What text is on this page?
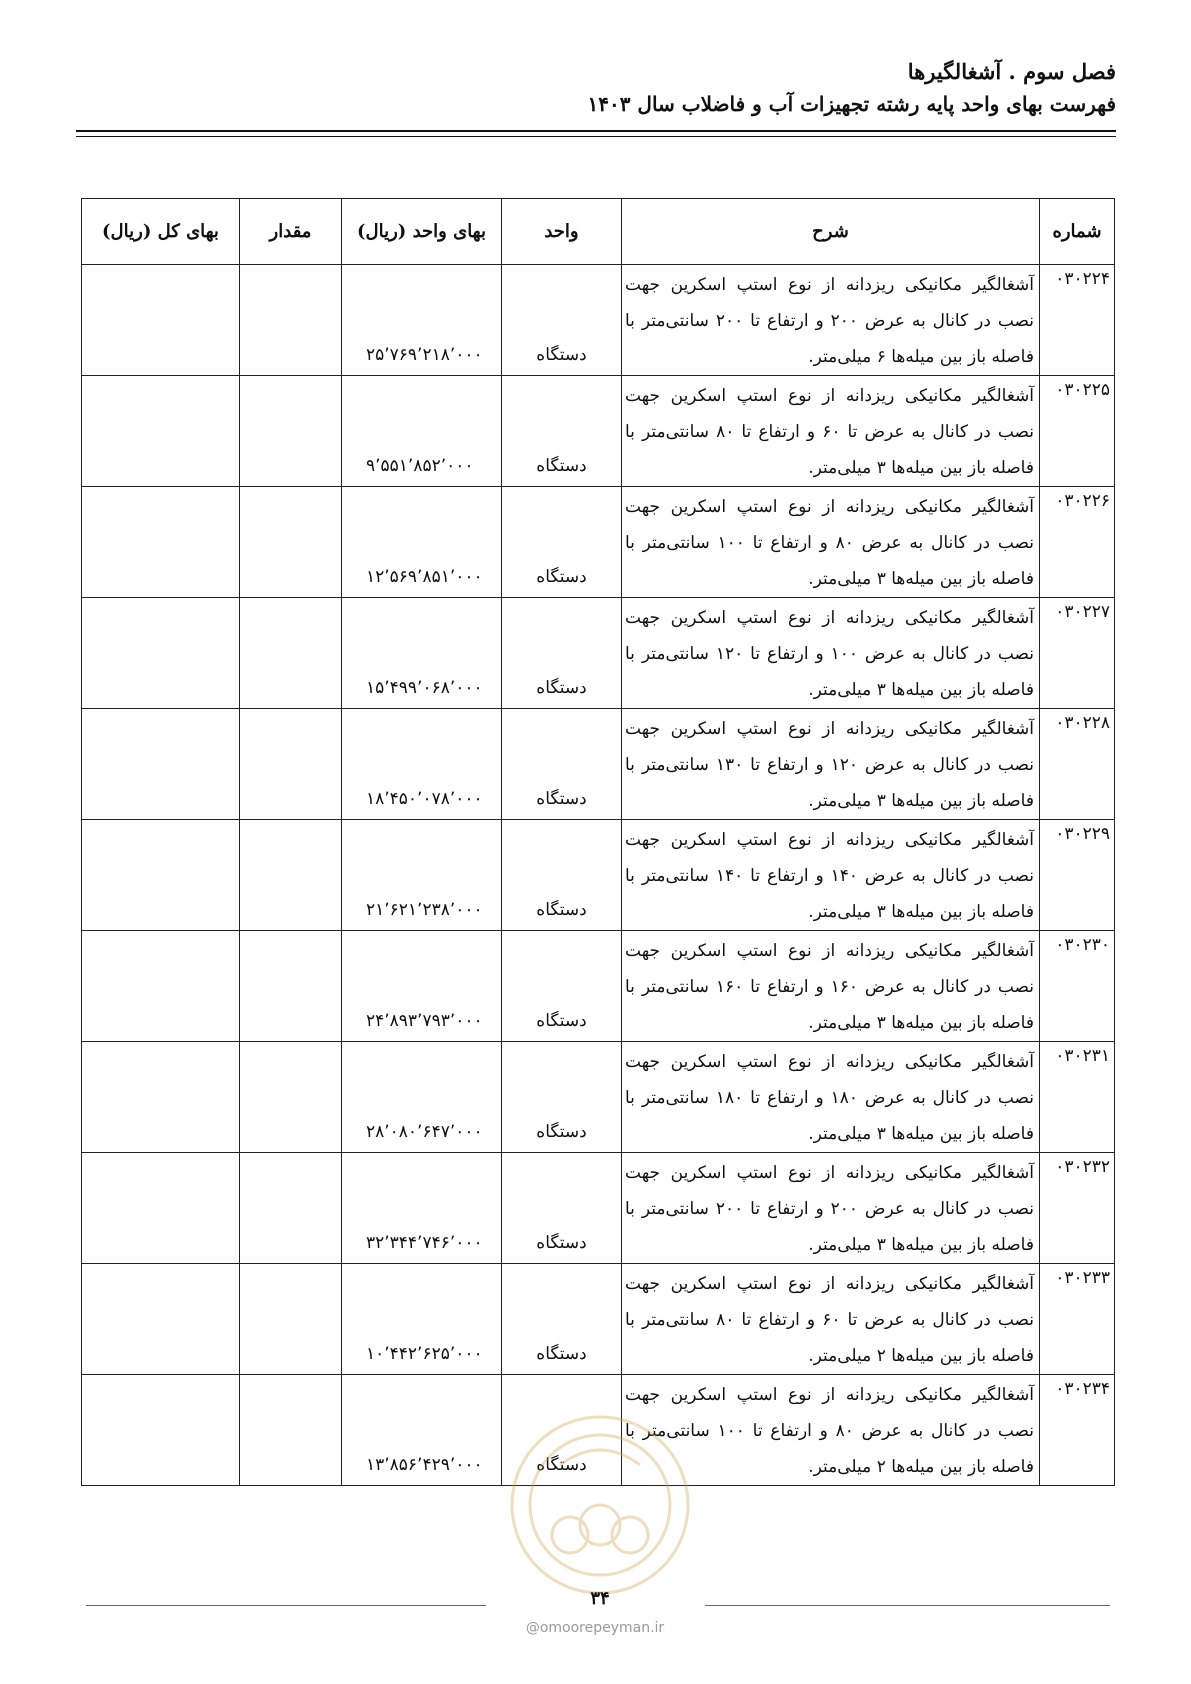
فصل سوم . آشغالگیرها
فهرست بهای واحد پایه رشته تجهیزات آب و فاضلاب سال ۱۴۰۳
شماره	شرح	واحد	بهای واحد (ریال)	مقدار	بهای کل (ریال)
۰۳۰۲۲۴	آشغالگیر مکانیکی ریزدانه از نوع استپ اسکرین جهت نصب در کانال به عرض ۲۰۰ و ارتفاع تا ۲۰۰ سانتی‌متر با فاصله باز بین میله‌ها ۶ میلی‌متر.	دستگاه	۲۵٬۷۶۹٬۲۱۸٬۰۰۰		
۰۳۰۲۲۵	آشغالگیر مکانیکی ریزدانه از نوع استپ اسکرین جهت نصب در کانال به عرض تا ۶۰ و ارتفاع تا ۸۰ سانتی‌متر با فاصله باز بین میله‌ها ۳ میلی‌متر.	دستگاه	۹٬۵۵۱٬۸۵۲٬۰۰۰		
۰۳۰۲۲۶	آشغالگیر مکانیکی ریزدانه از نوع استپ اسکرین جهت نصب در کانال به عرض ۸۰ و ارتفاع تا ۱۰۰ سانتی‌متر با فاصله باز بین میله‌ها ۳ میلی‌متر.	دستگاه	۱۲٬۵۶۹٬۸۵۱٬۰۰۰		
۰۳۰۲۲۷	آشغالگیر مکانیکی ریزدانه از نوع استپ اسکرین جهت نصب در کانال به عرض ۱۰۰ و ارتفاع تا ۱۲۰ سانتی‌متر با فاصله باز بین میله‌ها ۳ میلی‌متر.	دستگاه	۱۵٬۴۹۹٬۰۶۸٬۰۰۰		
۰۳۰۲۲۸	آشغالگیر مکانیکی ریزدانه از نوع استپ اسکرین جهت نصب در کانال به عرض ۱۲۰ و ارتفاع تا ۱۳۰ سانتی‌متر با فاصله باز بین میله‌ها ۳ میلی‌متر.	دستگاه	۱۸٬۴۵۰٬۰۷۸٬۰۰۰		
۰۳۰۲۲۹	آشغالگیر مکانیکی ریزدانه از نوع استپ اسکرین جهت نصب در کانال به عرض ۱۴۰ و ارتفاع تا ۱۴۰ سانتی‌متر با فاصله باز بین میله‌ها ۳ میلی‌متر.	دستگاه	۲۱٬۶۲۱٬۲۳۸٬۰۰۰		
۰۳۰۲۳۰	آشغالگیر مکانیکی ریزدانه از نوع استپ اسکرین جهت نصب در کانال به عرض ۱۶۰ و ارتفاع تا ۱۶۰ سانتی‌متر با فاصله باز بین میله‌ها ۳ میلی‌متر.	دستگاه	۲۴٬۸۹۳٬۷۹۳٬۰۰۰		
۰۳۰۲۳۱	آشغالگیر مکانیکی ریزدانه از نوع استپ اسکرین جهت نصب در کانال به عرض ۱۸۰ و ارتفاع تا ۱۸۰ سانتی‌متر با فاصله باز بین میله‌ها ۳ میلی‌متر.	دستگاه	۲۸٬۰۸۰٬۶۴۷٬۰۰۰		
۰۳۰۲۳۲	آشغالگیر مکانیکی ریزدانه از نوع استپ اسکرین جهت نصب در کانال به عرض ۲۰۰ و ارتفاع تا ۲۰۰ سانتی‌متر با فاصله باز بین میله‌ها ۳ میلی‌متر.	دستگاه	۳۲٬۳۴۴٬۷۴۶٬۰۰۰		
۰۳۰۲۳۳	آشغالگیر مکانیکی ریزدانه از نوع استپ اسکرین جهت نصب در کانال به عرض تا ۶۰ و ارتفاع تا ۸۰ سانتی‌متر با فاصله باز بین میله‌ها ۲ میلی‌متر.	دستگاه	۱۰٬۴۴۲٬۶۲۵٬۰۰۰		
۰۳۰۲۳۴	آشغالگیر مکانیکی ریزدانه از نوع استپ اسکرین جهت نصب در کانال به عرض ۸۰ و ارتفاع تا ۱۰۰ سانتی‌متر با فاصله باز بین میله‌ها ۲ میلی‌متر.	دستگاه	۱۳٬۸۵۶٬۴۲۹٬۰۰۰		
۳۴
@omoorepeyman.ir
